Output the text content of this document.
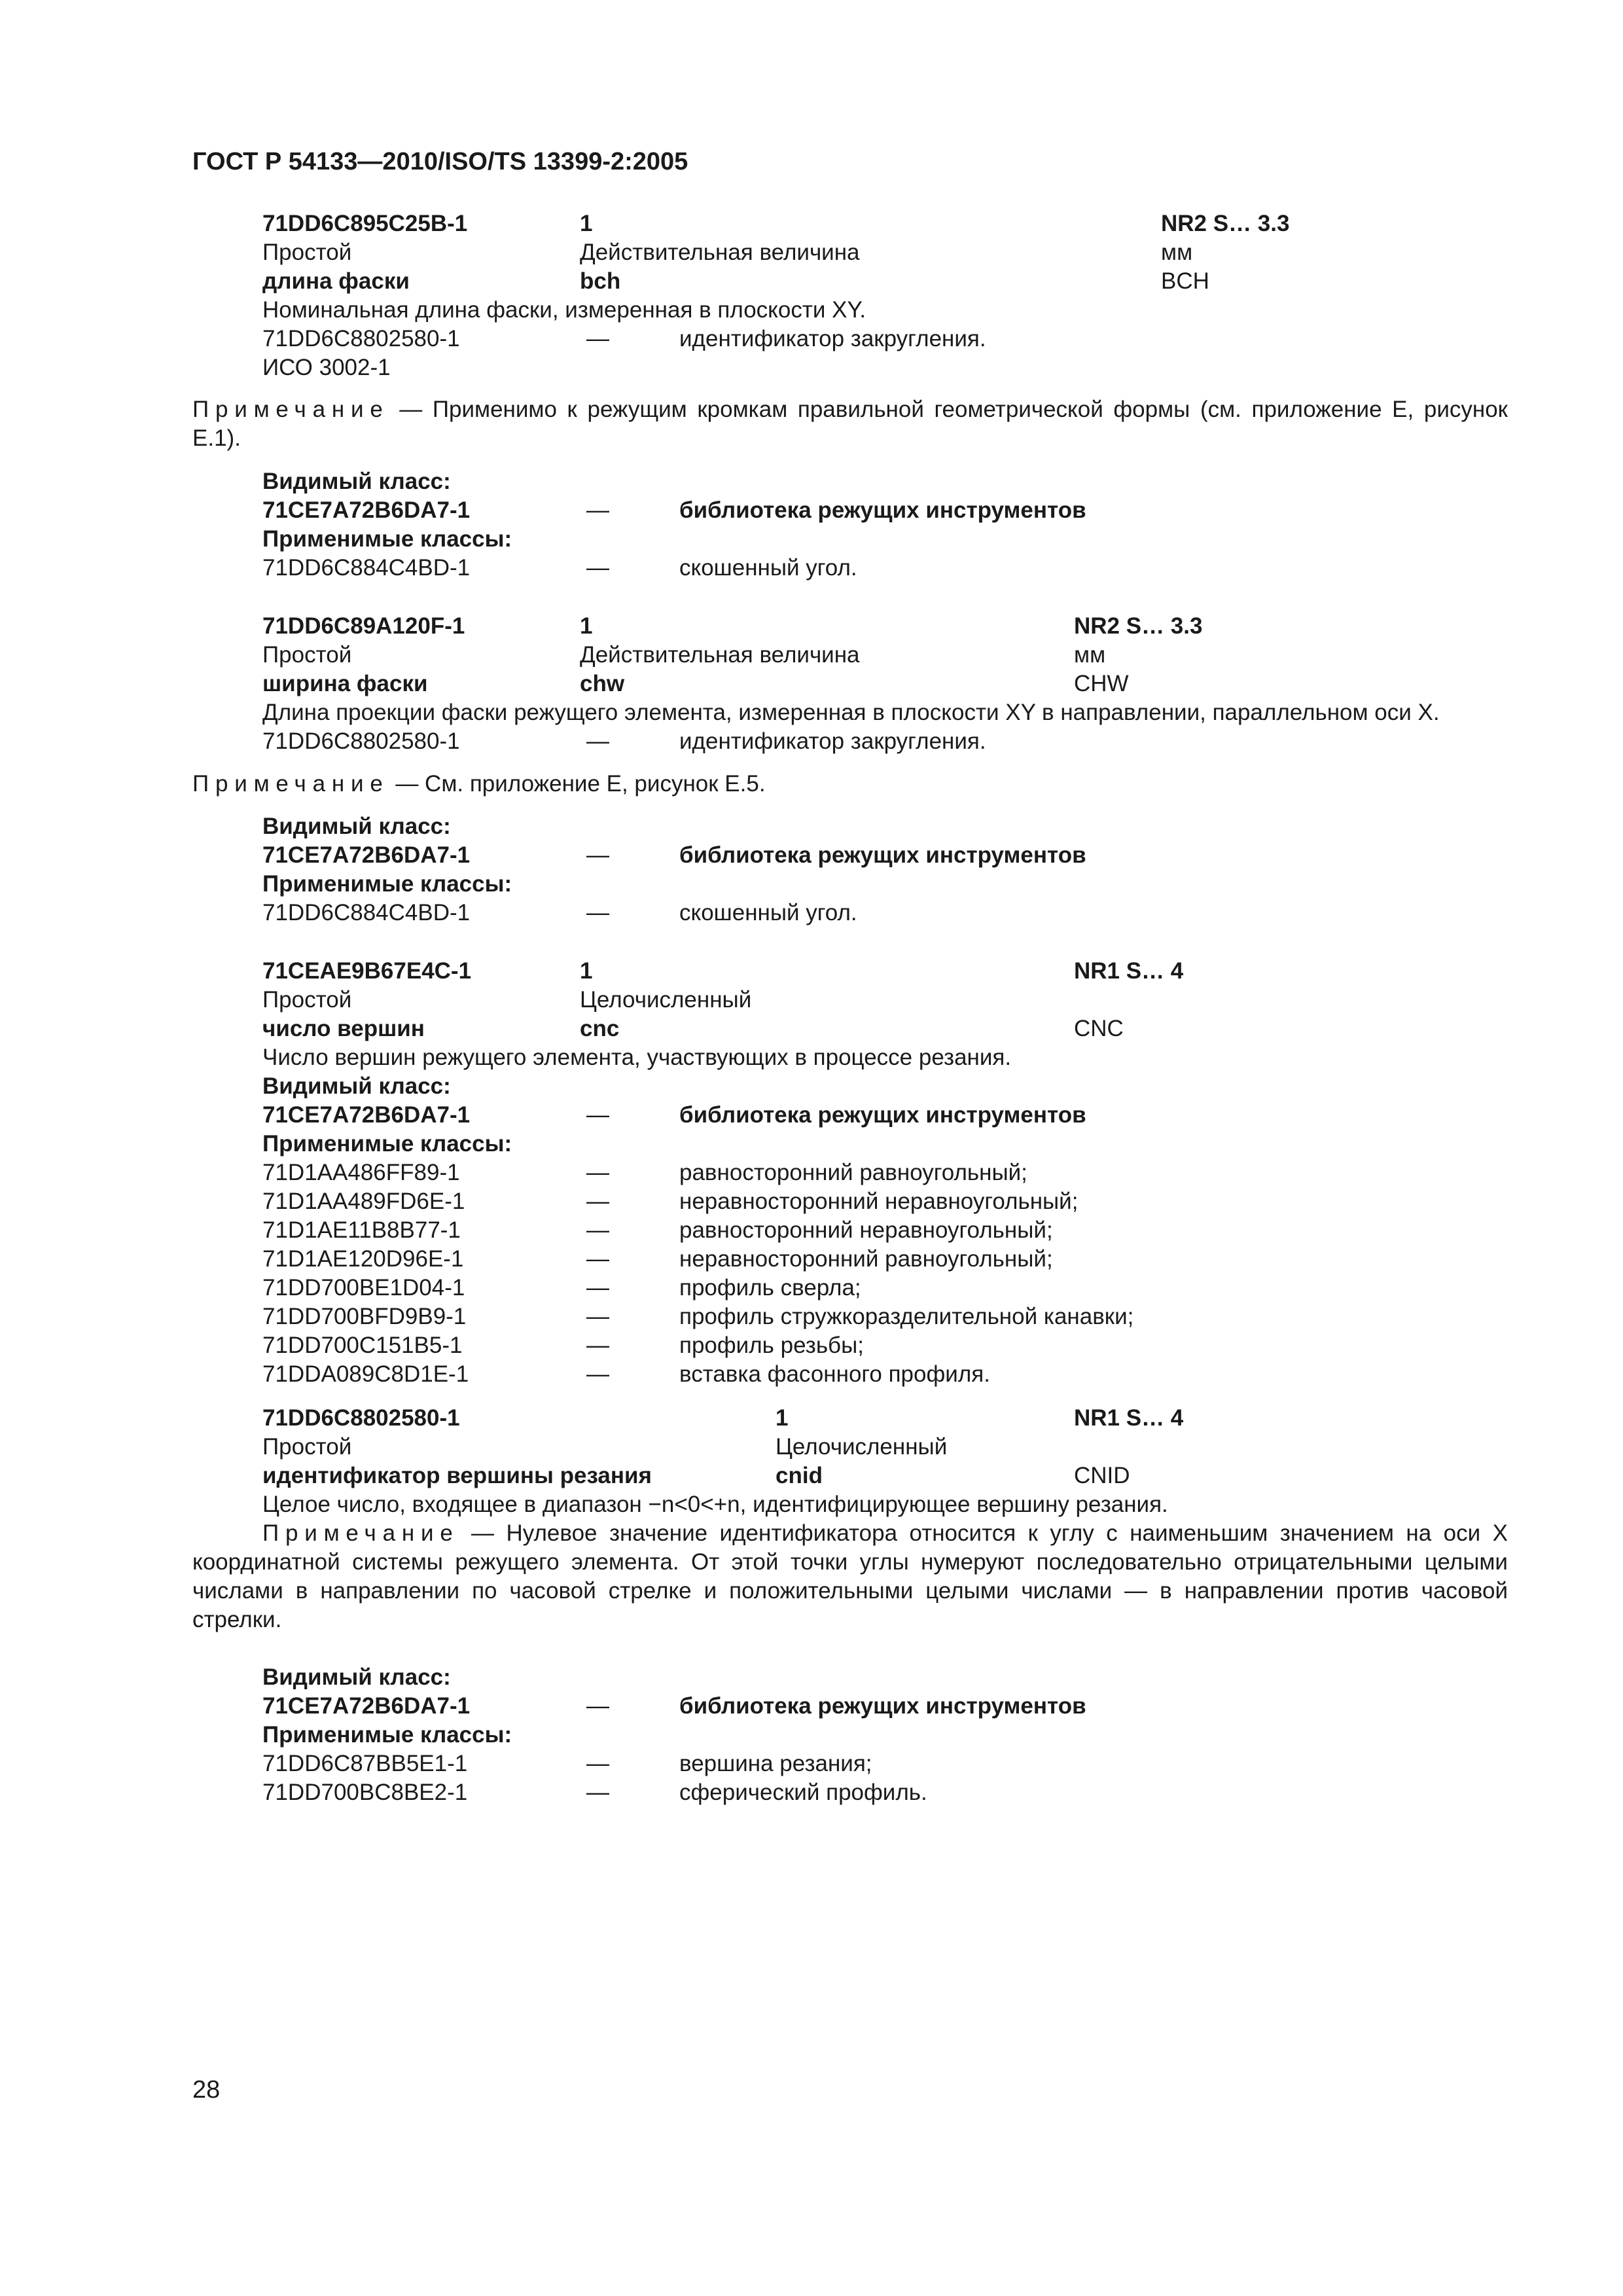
ГОСТ Р 54133—2010/ISO/TS 13399-2:2005
71DD6C895C25B-1	1	NR2 S… 3.3
Простой	Действительная величина	мм
длина фаски	bch	BCH
Номинальная длина фаски, измеренная в плоскости XY.
71DD6C8802580-1	—	идентификатор закругления.
ИСО 3002-1
Примечание — Применимо к режущим кромкам правильной геометрической формы (см. приложение Е, рисунок Е.1).
Видимый класс:
71CE7A72B6DA7-1	—	библиотека режущих инструментов
Применимые классы:
71DD6C884C4BD-1	—	скошенный угол.
71DD6C89A120F-1	1	NR2 S… 3.3
Простой	Действительная величина	мм
ширина фаски	chw	CHW
Длина проекции фаски режущего элемента, измеренная в плоскости XY в направлении, параллельном оси X.
71DD6C8802580-1	—	идентификатор закругления.
Примечание — См. приложение Е, рисунок Е.5.
Видимый класс:
71CE7A72B6DA7-1	—	библиотека режущих инструментов
Применимые классы:
71DD6C884C4BD-1	—	скошенный угол.
71CEAE9B67E4C-1	1	NR1 S… 4
Простой	Целочисленный
число вершин	cnc	CNC
Число вершин режущего элемента, участвующих в процессе резания.
Видимый класс:
71CE7A72B6DA7-1	—	библиотека режущих инструментов
Применимые классы:
71D1AA486FF89-1	—	равносторонний равноугольный;
71D1AA489FD6E-1	—	неравносторонний неравноугольный;
71D1AE11B8B77-1	—	равносторонний неравноугольный;
71D1AE120D96E-1	—	неравносторонний равноугольный;
71DD700BE1D04-1	—	профиль сверла;
71DD700BFD9B9-1	—	профиль стружкоразделительной канавки;
71DD700C151B5-1	—	профиль резьбы;
71DDA089C8D1E-1	—	вставка фасонного профиля.
71DD6C8802580-1	1	NR1 S… 4
Простой	Целочисленный
идентификатор вершины резания	cnid	CNID
Целое число, входящее в диапазон −n<0<+n, идентифицирующее вершину резания.
Примечание — Нулевое значение идентификатора относится к углу с наименьшим значением на оси X координатной системы режущего элемента. От этой точки углы нумеруют последовательно отрицательными целыми числами в направлении по часовой стрелке и положительными целыми числами — в направлении против часовой стрелки.
Видимый класс:
71CE7A72B6DA7-1	—	библиотека режущих инструментов
Применимые классы:
71DD6C87BB5E1-1	—	вершина резания;
71DD700BC8BE2-1	—	сферический профиль.
28
